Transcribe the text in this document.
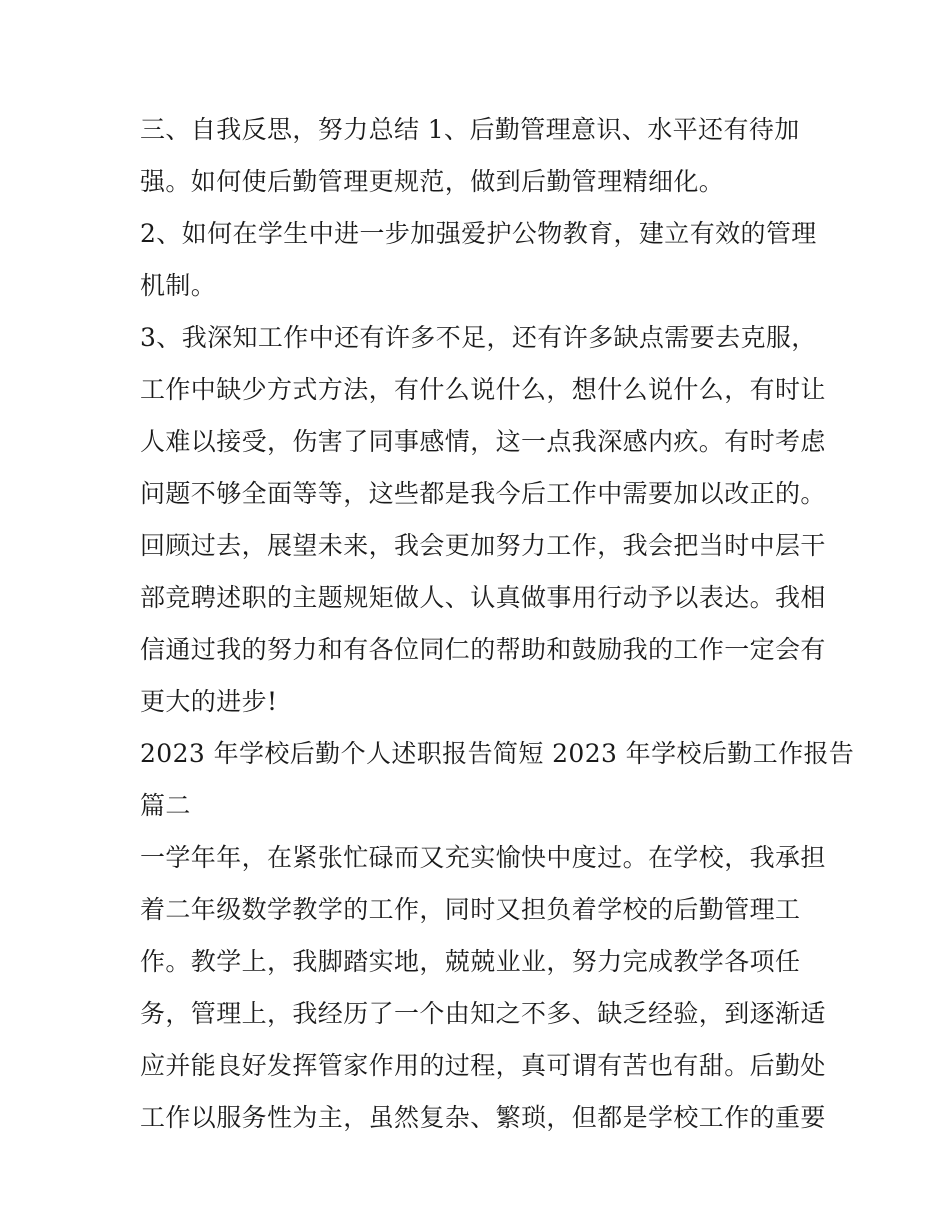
三、自我反思，努力总结 1、后勤管理意识、水平还有待加
强。如何使后勤管理更规范，做到后勤管理精细化。
2、如何在学生中进一步加强爱护公物教育，建立有效的管理
机制。
3、我深知工作中还有许多不足，还有许多缺点需要去克服，
工作中缺少方式方法，有什么说什么，想什么说什么，有时让
人难以接受，伤害了同事感情，这一点我深感内疚。有时考虑
问题不够全面等等，这些都是我今后工作中需要加以改正的。
回顾过去，展望未来，我会更加努力工作，我会把当时中层干
部竞聘述职的主题规矩做人、认真做事用行动予以表达。我相
信通过我的努力和有各位同仁的帮助和鼓励我的工作一定会有
更大的进步!
2023 年学校后勤个人述职报告简短 2023 年学校后勤工作报告
篇二
一学年年，在紧张忙碌而又充实愉快中度过。在学校，我承担
着二年级数学教学的工作，同时又担负着学校的后勤管理工
作。教学上，我脚踏实地，兢兢业业，努力完成教学各项任
务，管理上，我经历了一个由知之不多、缺乏经验，到逐渐适
应并能良好发挥管家作用的过程，真可谓有苦也有甜。后勤处
工作以服务性为主，虽然复杂、繁琐，但都是学校工作的重要
